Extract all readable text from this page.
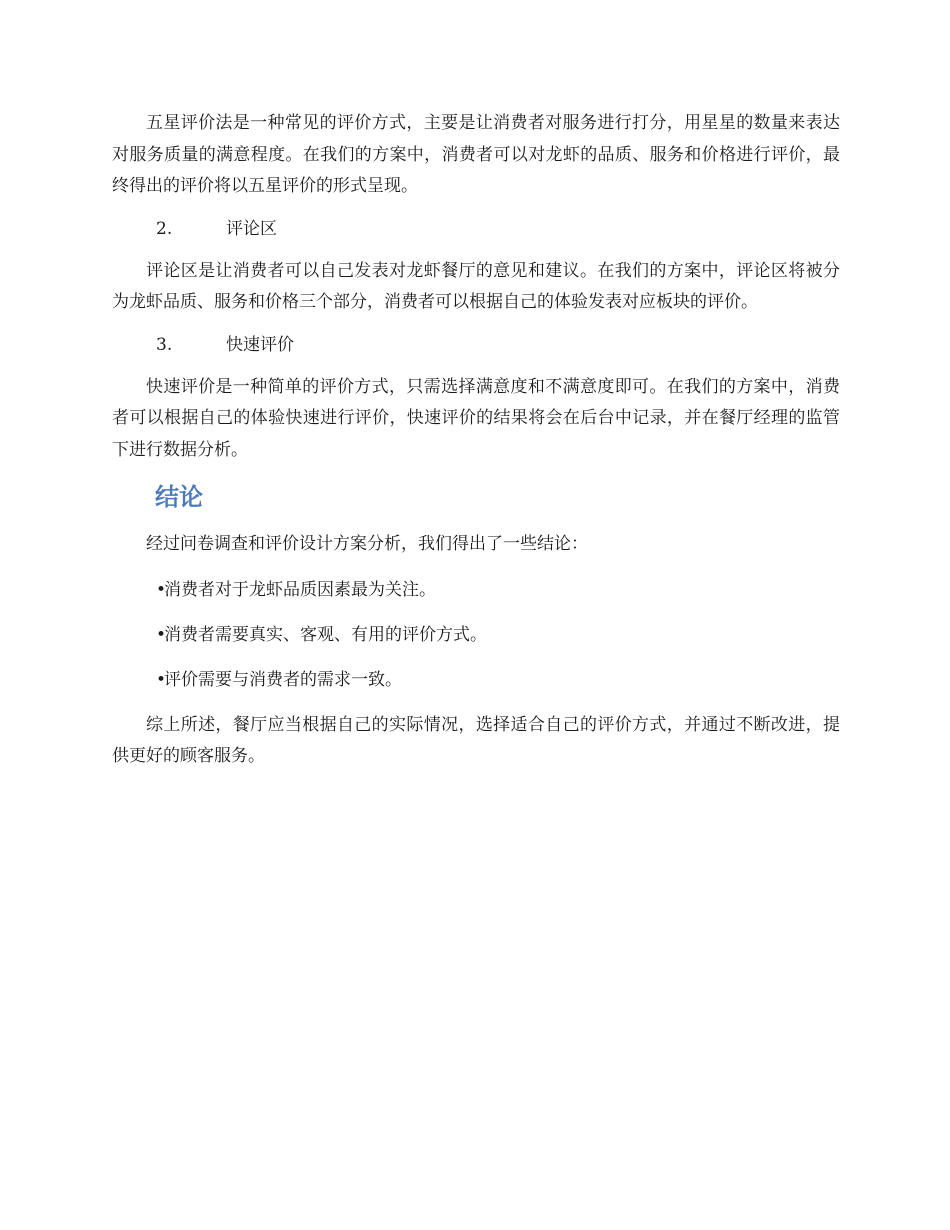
五星评价法是一种常见的评价方式，主要是让消费者对服务进行打分，用星星的数量来表达对服务质量的满意程度。在我们的方案中，消费者可以对龙虾的品质、服务和价格进行评价，最终得出的评价将以五星评价的形式呈现。

2.	评论区

评论区是让消费者可以自己发表对龙虾餐厅的意见和建议。在我们的方案中，评论区将被分为龙虾品质、服务和价格三个部分，消费者可以根据自己的体验发表对应板块的评价。

3.	快速评价

快速评价是一种简单的评价方式，只需选择满意度和不满意度即可。在我们的方案中，消费者可以根据自己的体验快速进行评价，快速评价的结果将会在后台中记录，并在餐厅经理的监管下进行数据分析。

结论

经过问卷调查和评价设计方案分析，我们得出了一些结论：

•消费者对于龙虾品质因素最为关注。

•消费者需要真实、客观、有用的评价方式。

•评价需要与消费者的需求一致。

综上所述，餐厅应当根据自己的实际情况，选择适合自己的评价方式，并通过不断改进，提供更好的顾客服务。
